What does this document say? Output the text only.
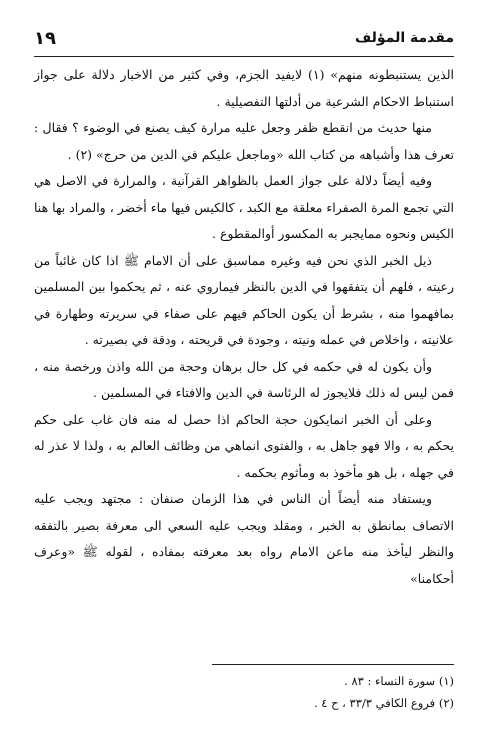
مقدمة المؤلف
١٩

الذين يستنبطونه منهم» (١) لايفيد الجزم، وفي كثير من الاخبار دلالة على جواز استنباط الاحكام الشرعية من أدلتها التفصيلية .

منها حديث من انقطع ظفر وجعل عليه مرارة كيف يصنع في الوضوء ؟ فقال : تعرف هذا وأشباهه من كتاب الله «وماجعل عليكم في الدين من حرج» (٢) .

وفيه أيضاً دلالة على جواز العمل بالظواهر القرآنية ، والمرارة في الاصل هي التي تجمع المرة الصفراء معلقة مع الكبد ، كالكيس فيها ماء أخضر ، والمراد بها هنا الكيس ونحوه ممايجبر به المكسور أوالمقطوع .

ذيل الخبر الذي نحن فيه وغيره مماسبق على أن الامام ﷺ اذا كان غائباً من رعيته ، فلهم أن يتفقهوا في الدين بالنظر فيماروي عنه ، ثم يحكموا بين المسلمين بمافهموا منه ، بشرط أن يكون الحاكم فيهم على صفاء في سريرته وطهارة في علانيته ، واخلاص في عمله ونيته ، وجودة في قريحته ، ودقة في بصيرته .

وأن يكون له في حكمه في كل حال برهان وحجة من الله واذن ورخصة منه ، فمن ليس له ذلك فلايجوز له الرئاسة في الدين والافتاء في المسلمين .

وعلى أن الخبر انمايكون حجة الحاكم اذا حصل له منه فان غاب على حكم يحكم به ، والا فهو جاهل به ، والفتوى انماهي من وظائف العالم به ، ولذا لا عذر له في جهله ، بل هو مأخوذ به ومأثوم بحكمه .

ويستفاد منه أيضاً أن الناس في هذا الزمان صنفان : مجتهد ويجب عليه الاتصاف بمانطق به الخبر ، ومقلد ويجب عليه السعي الى معرفة بصير بالتفقه والنظر ليأخذ منه ماعن الامام رواه بعد معرفته بمفاده ، لقوله ﷺ «وعرف أحكامنا»

(١) سورة النساء : ٨٣ .
(٢) فروع الكافي ٣٣/٣ ، ح ٤ .
